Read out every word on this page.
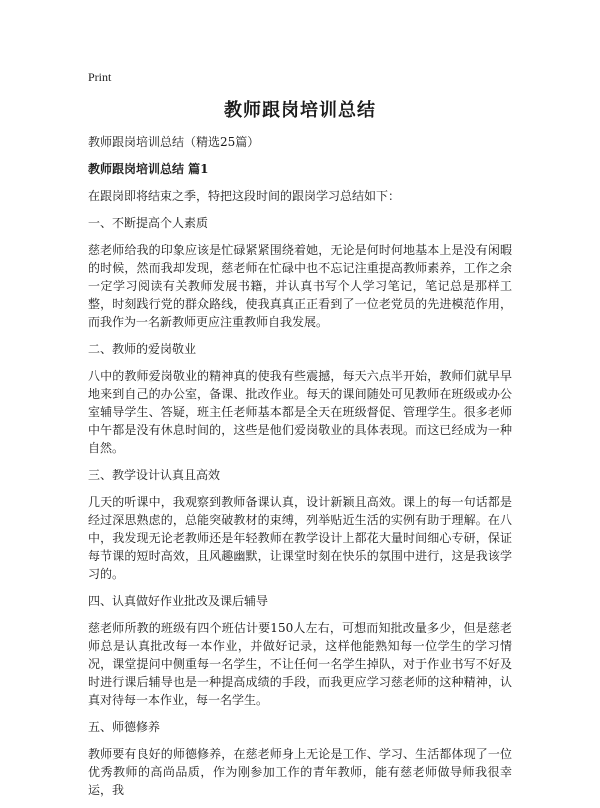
Print
教师跟岗培训总结

教师跟岗培训总结（精选25篇）

教师跟岗培训总结 篇1

在跟岗即将结束之季，特把这段时间的跟岗学习总结如下：

一、不断提高个人素质

慈老师给我的印象应该是忙碌紧紧围绕着她，无论是何时何地基本上是没有闲暇的时候，然而我却发现，慈老师在忙碌中也不忘记注重提高教师素养，工作之余一定学习阅读有关教师发展书籍，并认真书写个人学习笔记，笔记总是那样工整，时刻践行党的群众路线，使我真真正正看到了一位老党员的先进模范作用，而我作为一名新教师更应注重教师自我发展。

二、教师的爱岗敬业

八中的教师爱岗敬业的精神真的使我有些震撼，每天六点半开始，教师们就早早地来到自己的办公室，备课、批改作业。每天的课间随处可见教师在班级或办公室辅导学生、答疑，班主任老师基本都是全天在班级督促、管理学生。很多老师中午都是没有休息时间的，这些是他们爱岗敬业的具体表现。而这已经成为一种自然。

三、教学设计认真且高效

几天的听课中，我观察到教师备课认真，设计新颖且高效。课上的每一句话都是经过深思熟虑的，总能突破教材的束缚，列举贴近生活的实例有助于理解。在八中，我发现无论老教师还是年轻教师在教学设计上都花大量时间细心专研，保证每节课的短时高效，且风趣幽默，让课堂时刻在快乐的氛围中进行，这是我该学习的。

四、认真做好作业批改及课后辅导

慈老师所教的班级有四个班估计要150人左右，可想而知批改量多少，但是慈老师总是认真批改每一本作业，并做好记录，这样他能熟知每一位学生的学习情况，课堂提问中侧重每一名学生，不让任何一名学生掉队，对于作业书写不好及时进行课后辅导也是一种提高成绩的手段，而我更应学习慈老师的这种精神，认真对待每一本作业，每一名学生。

五、师德修养

教师要有良好的师德修养，在慈老师身上无论是工作、学习、生活都体现了一位优秀教师的高尚品质，作为刚参加工作的青年教师，能有慈老师做导师我很幸运，我
